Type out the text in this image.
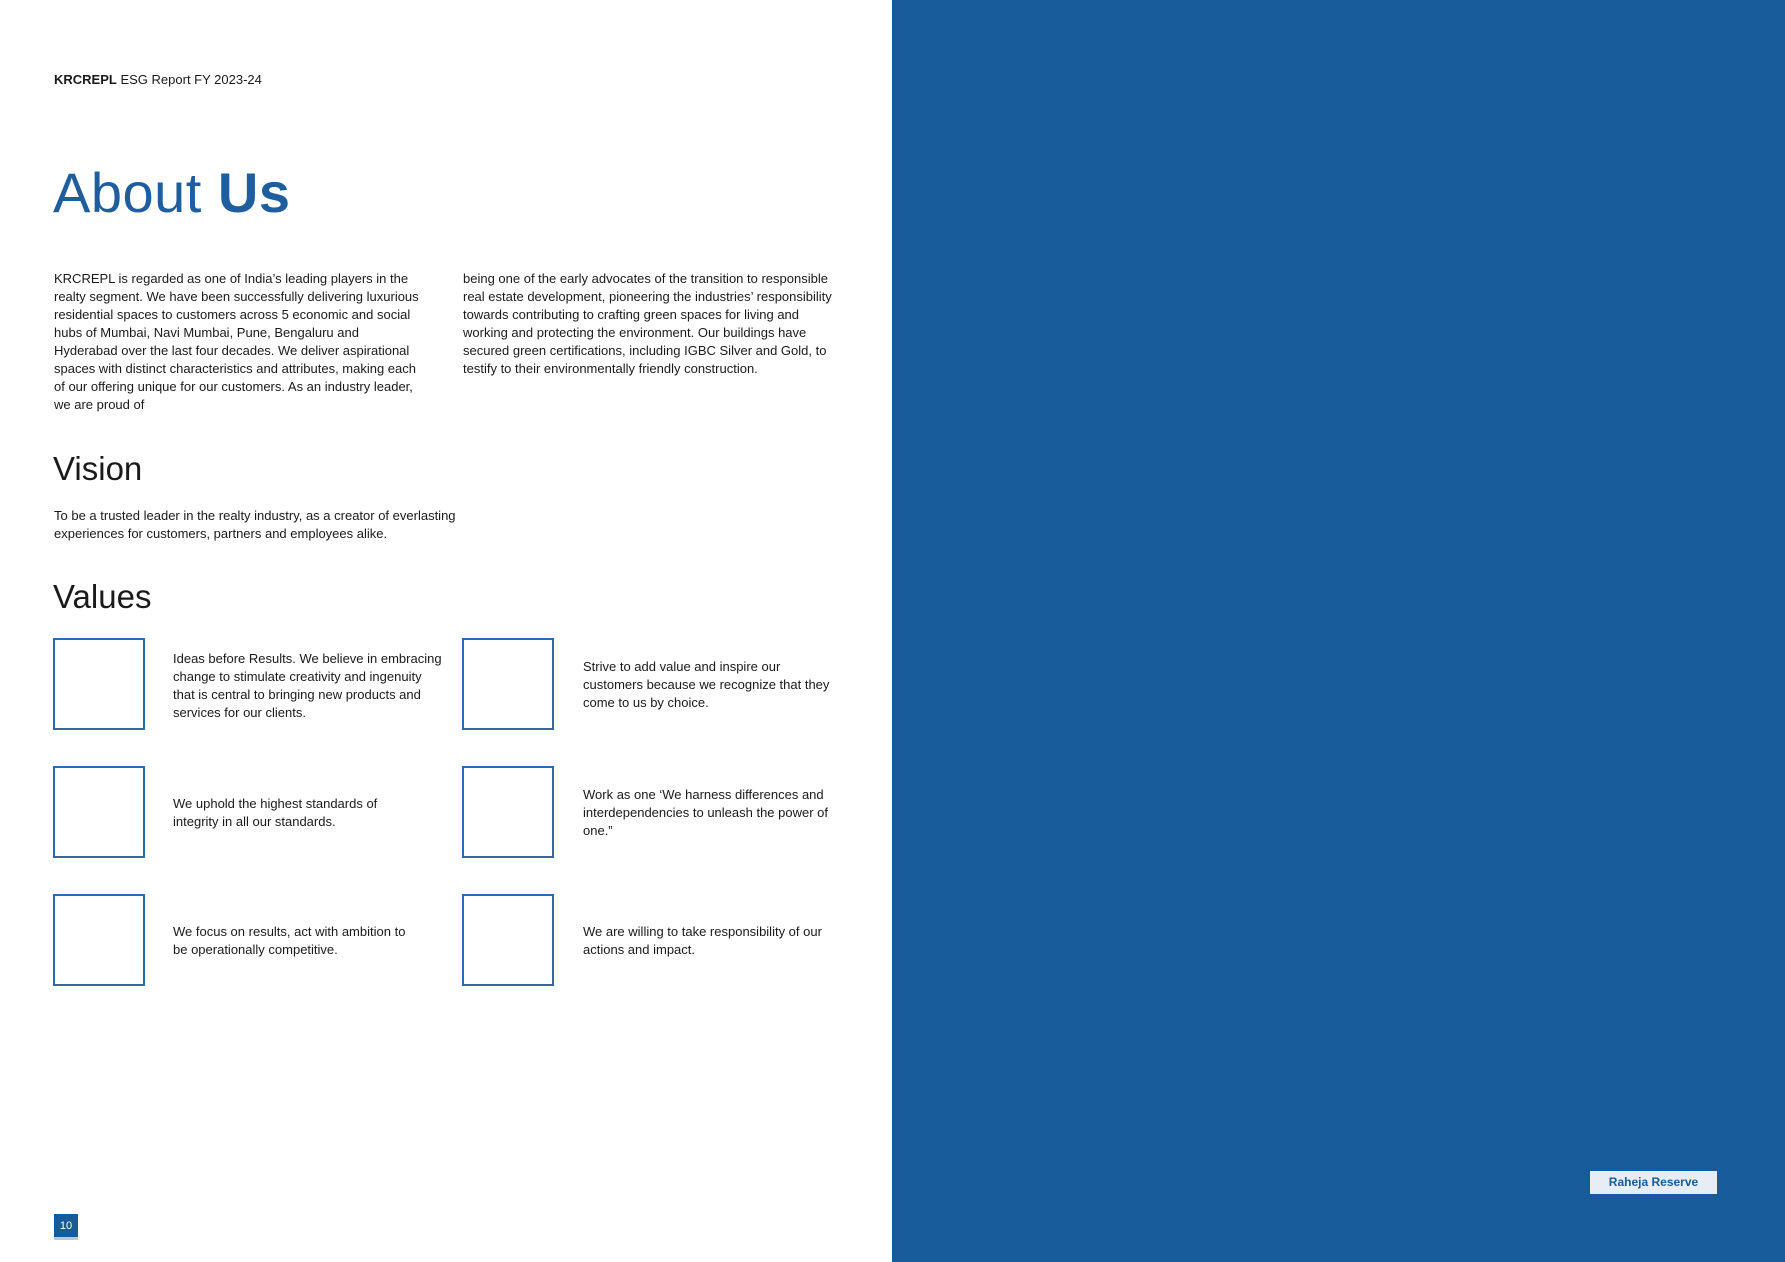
KRCREPL ESG Report FY 2023-24
About Us

KRCREPL is regarded as one of India’s leading players in the realty segment. We have been successfully delivering luxurious residential spaces to customers across 5 economic and social hubs of Mumbai, Navi Mumbai, Pune, Bengaluru and Hyderabad over the last four decades. We deliver aspirational spaces with distinct characteristics and attributes, making each of our offering unique for our customers. As an industry leader, we are proud of

being one of the early advocates of the transition to responsible real estate development, pioneering the industries’ responsibility towards contributing to crafting green spaces for living and working and protecting the environment. Our buildings have secured green certifications, including IGBC Silver and Gold, to testify to their environmentally friendly construction.

Vision

To be a trusted leader in the realty industry, as a creator of everlasting experiences for customers, partners and employees alike.

Values

Ideas before Results. We believe in embracing change to stimulate creativity and ingenuity that is central to bringing new products and services for our clients.

Strive to add value and inspire our customers because we recognize that they come to us by choice.

We uphold the highest standards of integrity in all our standards.

Work as one ‘We harness differences and interdependencies to unleash the power of one.”

We focus on results, act with ambition to be operationally competitive.

We are willing to take responsibility of our actions and impact.

10
Raheja Reserve
